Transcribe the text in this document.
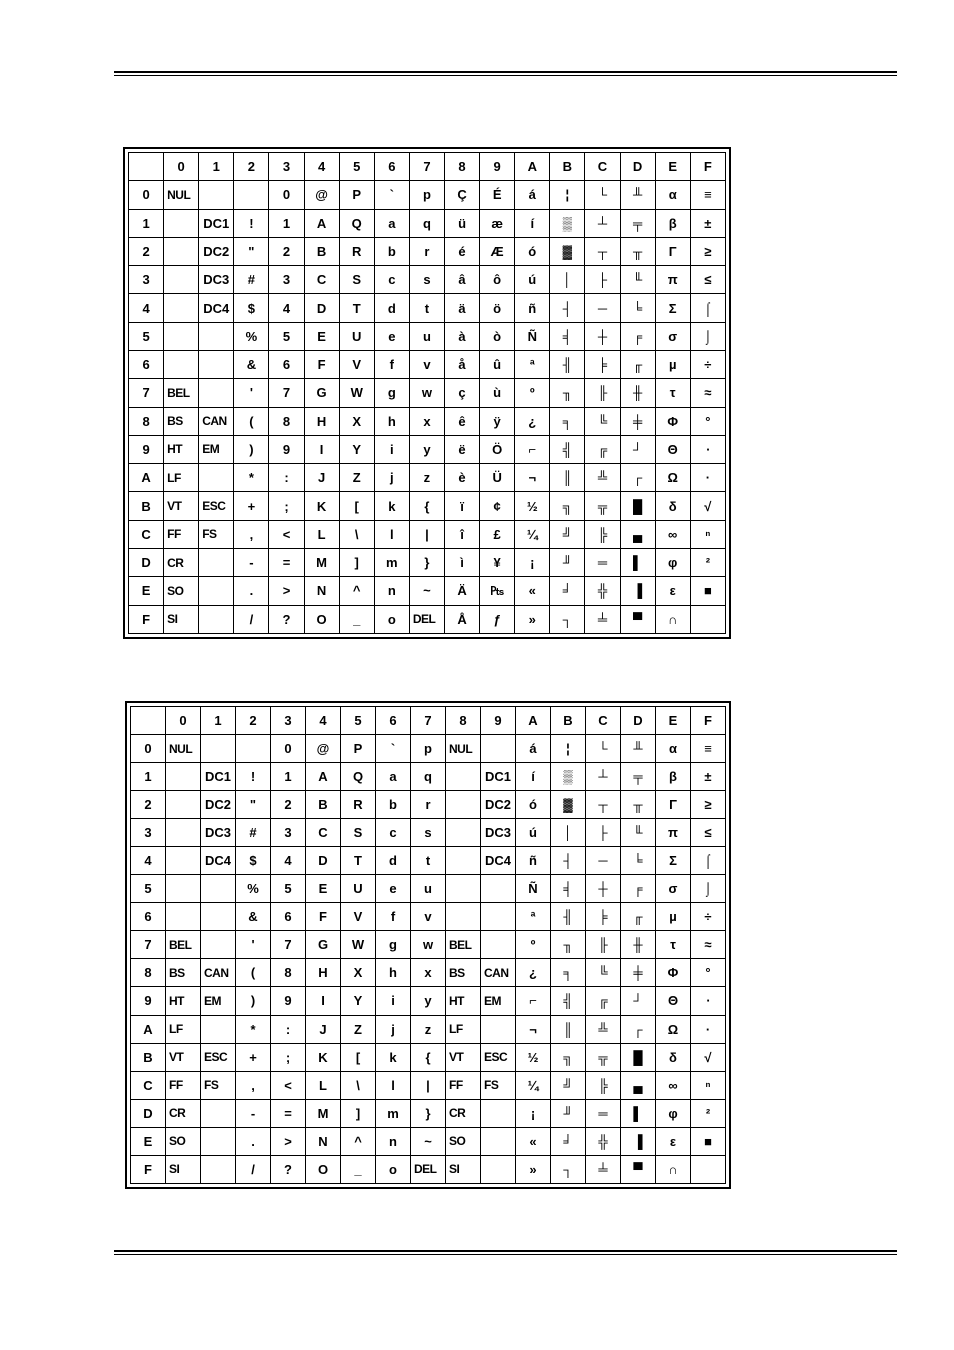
	0	1	2	3	4	5	6	7	8	9	A	B	C	D	E	F
0	NUL			0	@	P	`	p	Ç	É	á	¦	└	╨	α	≡
1		DC1	!	1	A	Q	a	q	ü	æ	í	▒	┴	╤	β	±
2		DC2	"	2	B	R	b	r	é	Æ	ó	▓	┬	╥	Γ	≥
3		DC3	#	3	C	S	c	s	â	ô	ú	│	├	╙	π	≤
4		DC4	$	4	D	T	d	t	ä	ö	ñ	┤	─	╘	Σ	⌠
5			%	5	E	U	e	u	à	ò	Ñ	╡	┼	╒	σ	⌡
6			&	6	F	V	f	v	å	û	ª	╢	╞	╓	µ	÷
7	BEL		'	7	G	W	g	w	ç	ù	º	╖	╟	╫	τ	≈
8	BS	CAN	(	8	H	X	h	x	ê	ÿ	¿	╕	╚	╪	Φ	°
9	HT	EM	)	9	I	Y	i	y	ë	Ö	⌐	╣	╔	┘	Θ	∙
A	LF		*	:	J	Z	j	z	è	Ü	¬	║	╩	┌	Ω	·
B	VT	ESC	+	;	K	[	k	{	ï	¢	½	╗	╦	█	δ	√
C	FF	FS	,	<	L	\	l	|	î	£	¼	╝	╠	▄	∞	ⁿ
D	CR		-	=	M	]	m	}	ì	¥	¡	╜	═	▌	φ	²
E	SO		.	>	N	^	n	~	Ä	₧	«	╛	╬	▐	ε	■
F	SI		/	?	O	_	o	DEL	Å	ƒ	»	┐	╧	▀	∩	
	0	1	2	3	4	5	6	7	8	9	A	B	C	D	E	F
0	NUL			0	@	P	`	p	NUL		á	¦	└	╨	α	≡
1		DC1	!	1	A	Q	a	q		DC1	í	▒	┴	╤	β	±
2		DC2	"	2	B	R	b	r		DC2	ó	▓	┬	╥	Γ	≥
3		DC3	#	3	C	S	c	s		DC3	ú	│	├	╙	π	≤
4		DC4	$	4	D	T	d	t		DC4	ñ	┤	─	╘	Σ	⌠
5			%	5	E	U	e	u			Ñ	╡	┼	╒	σ	⌡
6			&	6	F	V	f	v			ª	╢	╞	╓	µ	÷
7	BEL		'	7	G	W	g	w	BEL		º	╖	╟	╫	τ	≈
8	BS	CAN	(	8	H	X	h	x	BS	CAN	¿	╕	╚	╪	Φ	°
9	HT	EM	)	9	I	Y	i	y	HT	EM	⌐	╣	╔	┘	Θ	∙
A	LF		*	:	J	Z	j	z	LF		¬	║	╩	┌	Ω	·
B	VT	ESC	+	;	K	[	k	{	VT	ESC	½	╗	╦	█	δ	√
C	FF	FS	,	<	L	\	l	|	FF	FS	¼	╝	╠	▄	∞	ⁿ
D	CR		-	=	M	]	m	}	CR		¡	╜	═	▌	φ	²
E	SO		.	>	N	^	n	~	SO		«	╛	╬	▐	ε	■
F	SI		/	?	O	_	o	DEL	SI		»	┐	╧	▀	∩	
